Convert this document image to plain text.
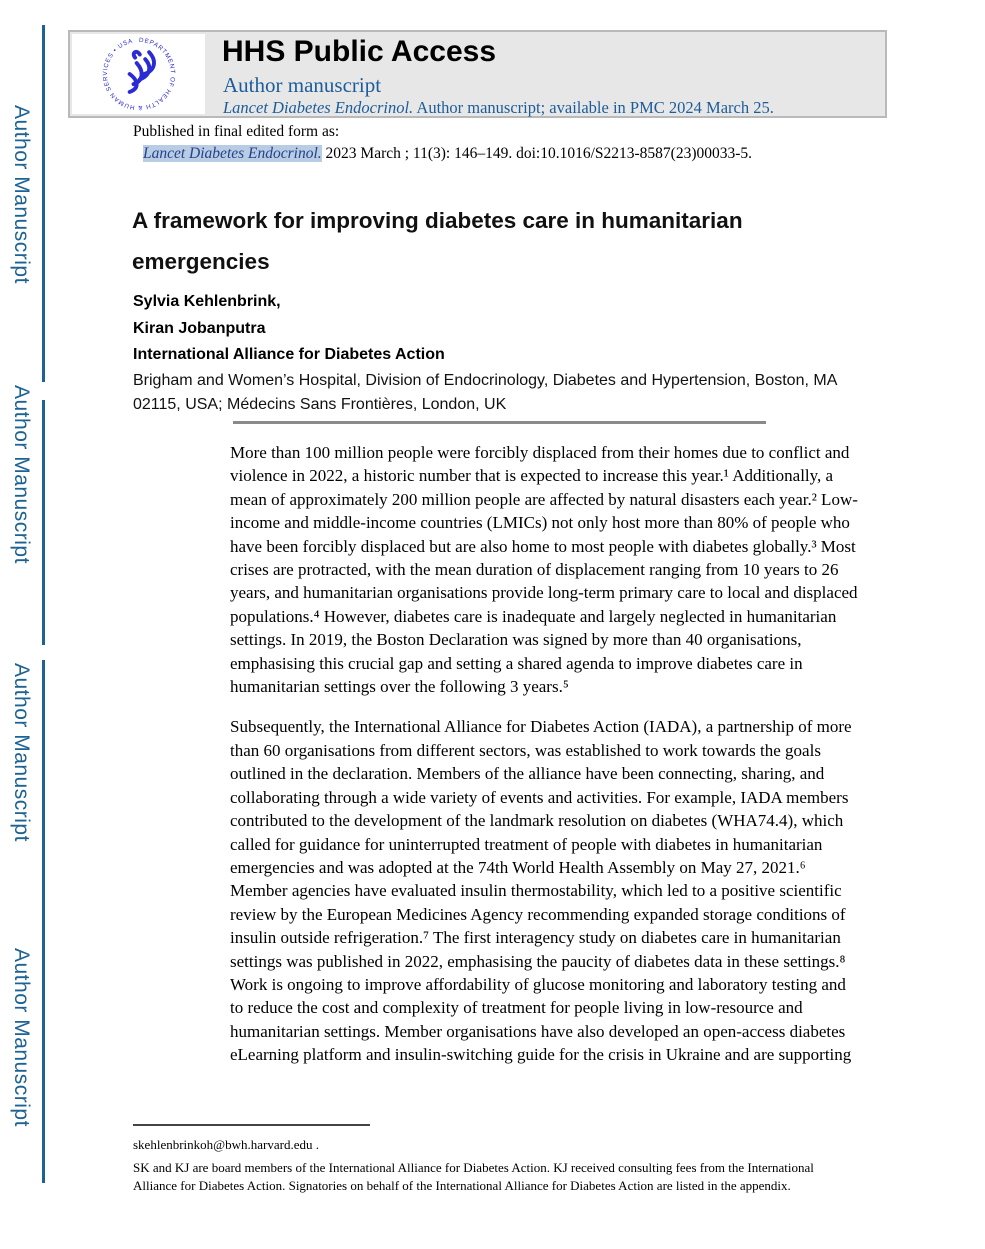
Author Manuscript
Author Manuscript
Author Manuscript
Author Manuscript
DEPARTMENT OF HEALTH & HUMAN SERVICES • USA	HHS Public Access
Author manuscript
Lancet Diabetes Endocrinol. Author manuscript; available in PMC 2024 March 25.
Published in final edited form as:
Lancet Diabetes Endocrinol. 2023 March ; 11(3): 146–149. doi:10.1016/S2213-8587(23)00033-5.
A framework for improving diabetes care in humanitarian emergencies
Sylvia Kehlenbrink,
Kiran Jobanputra
International Alliance for Diabetes Action
Brigham and Women’s Hospital, Division of Endocrinology, Diabetes and Hypertension, Boston, MA 02115, USA; Médecins Sans Frontières, London, UK

More than 100 million people were forcibly displaced from their homes due to conflict and violence in 2022, a historic number that is expected to increase this year.¹ Additionally, a mean of approximately 200 million people are affected by natural disasters each year.² Low-income and middle-income countries (LMICs) not only host more than 80% of people who have been forcibly displaced but are also home to most people with diabetes globally.³ Most crises are protracted, with the mean duration of displacement ranging from 10 years to 26 years, and humanitarian organisations provide long-term primary care to local and displaced populations.⁴ However, diabetes care is inadequate and largely neglected in humanitarian settings. In 2019, the Boston Declaration was signed by more than 40 organisations, emphasising this crucial gap and setting a shared agenda to improve diabetes care in humanitarian settings over the following 3 years.⁵

Subsequently, the International Alliance for Diabetes Action (IADA), a partnership of more than 60 organisations from different sectors, was established to work towards the goals outlined in the declaration. Members of the alliance have been connecting, sharing, and collaborating through a wide variety of events and activities. For example, IADA members contributed to the development of the landmark resolution on diabetes (WHA74.4), which called for guidance for uninterrupted treatment of people with diabetes in humanitarian emergencies and was adopted at the 74th World Health Assembly on May 27, 2021.⁶ Member agencies have evaluated insulin thermostability, which led to a positive scientific review by the European Medicines Agency recommending expanded storage conditions of insulin outside refrigeration.⁷ The first interagency study on diabetes care in humanitarian settings was published in 2022, emphasising the paucity of diabetes data in these settings.⁸ Work is ongoing to improve affordability of glucose monitoring and laboratory testing and to reduce the cost and complexity of treatment for people living in low-resource and humanitarian settings. Member organisations have also developed an open-access diabetes eLearning platform and insulin-switching guide for the crisis in Ukraine and are supporting

skehlenbrinkoh@bwh.harvard.edu .
SK and KJ are board members of the International Alliance for Diabetes Action. KJ received consulting fees from the International Alliance for Diabetes Action. Signatories on behalf of the International Alliance for Diabetes Action are listed in the appendix.
